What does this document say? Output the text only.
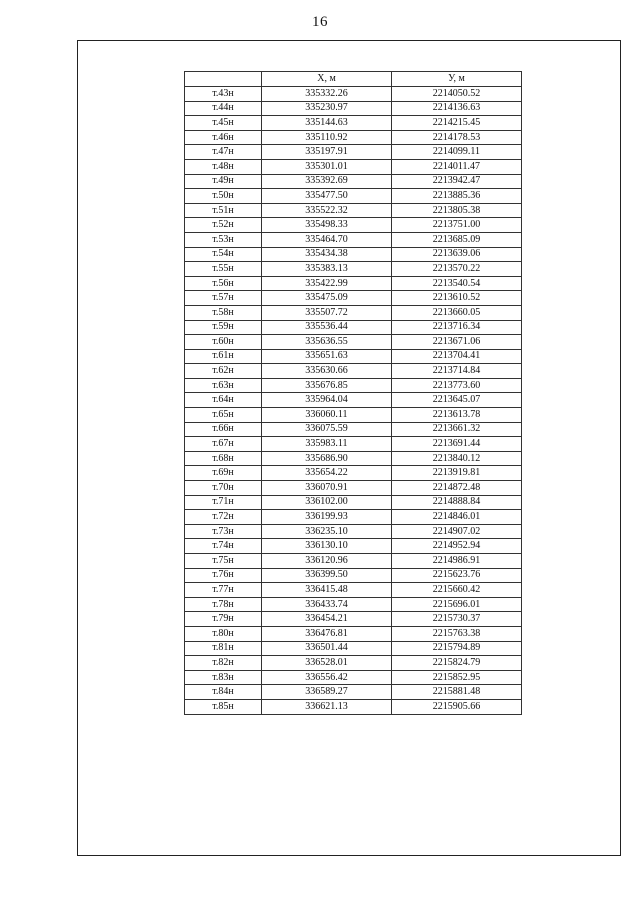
16
	Х, м	У, м
т.43н	335332.26	2214050.52
т.44н	335230.97	2214136.63
т.45н	335144.63	2214215.45
т.46н	335110.92	2214178.53
т.47н	335197.91	2214099.11
т.48н	335301.01	2214011.47
т.49н	335392.69	2213942.47
т.50н	335477.50	2213885.36
т.51н	335522.32	2213805.38
т.52н	335498.33	2213751.00
т.53н	335464.70	2213685.09
т.54н	335434.38	2213639.06
т.55н	335383.13	2213570.22
т.56н	335422.99	2213540.54
т.57н	335475.09	2213610.52
т.58н	335507.72	2213660.05
т.59н	335536.44	2213716.34
т.60н	335636.55	2213671.06
т.61н	335651.63	2213704.41
т.62н	335630.66	2213714.84
т.63н	335676.85	2213773.60
т.64н	335964.04	2213645.07
т.65н	336060.11	2213613.78
т.66н	336075.59	2213661.32
т.67н	335983.11	2213691.44
т.68н	335686.90	2213840.12
т.69н	335654.22	2213919.81
т.70н	336070.91	2214872.48
т.71н	336102.00	2214888.84
т.72н	336199.93	2214846.01
т.73н	336235.10	2214907.02
т.74н	336130.10	2214952.94
т.75н	336120.96	2214986.91
т.76н	336399.50	2215623.76
т.77н	336415.48	2215660.42
т.78н	336433.74	2215696.01
т.79н	336454.21	2215730.37
т.80н	336476.81	2215763.38
т.81н	336501.44	2215794.89
т.82н	336528.01	2215824.79
т.83н	336556.42	2215852.95
т.84н	336589.27	2215881.48
т.85н	336621.13	2215905.66
